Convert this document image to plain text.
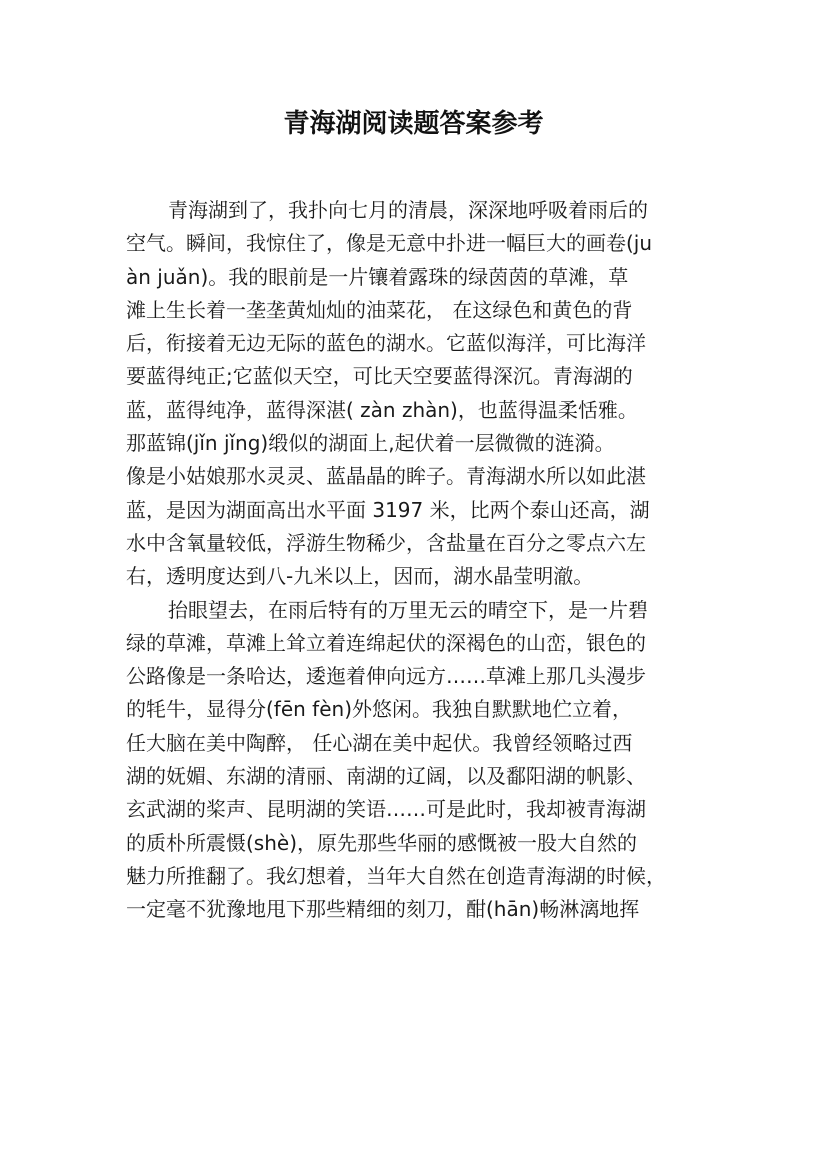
青海湖阅读题答案参考
青海湖到了，我扑向七月的清晨，深深地呼吸着雨后的
空气。瞬间，我惊住了，像是无意中扑进一幅巨大的画卷(ju
àn juǎn)。我的眼前是一片镶着露珠的绿茵茵的草滩，草
滩上生长着一垄垄黄灿灿的油菜花， 在这绿色和黄色的背
后，衔接着无边无际的蓝色的湖水。它蓝似海洋，可比海洋
要蓝得纯正;它蓝似天空，可比天空要蓝得深沉。青海湖的
蓝，蓝得纯净，蓝得深湛( zàn zhàn)，也蓝得温柔恬雅。
那蓝锦(jǐn jǐng)缎似的湖面上,起伏着一层微微的涟漪。
像是小姑娘那水灵灵、蓝晶晶的眸子。青海湖水所以如此湛
蓝，是因为湖面高出水平面 3197 米，比两个泰山还高，湖
水中含氧量较低，浮游生物稀少，含盐量在百分之零点六左
右，透明度达到八-九米以上，因而，湖水晶莹明澈。
抬眼望去，在雨后特有的万里无云的晴空下，是一片碧
绿的草滩，草滩上耸立着连绵起伏的深褐色的山峦，银色的
公路像是一条哈达，逶迤着伸向远方……草滩上那几头漫步
的牦牛，显得分(fēn fèn)外悠闲。我独自默默地伫立着，
任大脑在美中陶醉， 任心湖在美中起伏。我曾经领略过西
湖的妩媚、东湖的清丽、南湖的辽阔，以及鄱阳湖的帆影、
玄武湖的桨声、昆明湖的笑语……可是此时，我却被青海湖
的质朴所震慑(shè)，原先那些华丽的感慨被一股大自然的
魅力所推翻了。我幻想着，当年大自然在创造青海湖的时候，
一定毫不犹豫地甩下那些精细的刻刀，酣(hān)畅淋漓地挥
